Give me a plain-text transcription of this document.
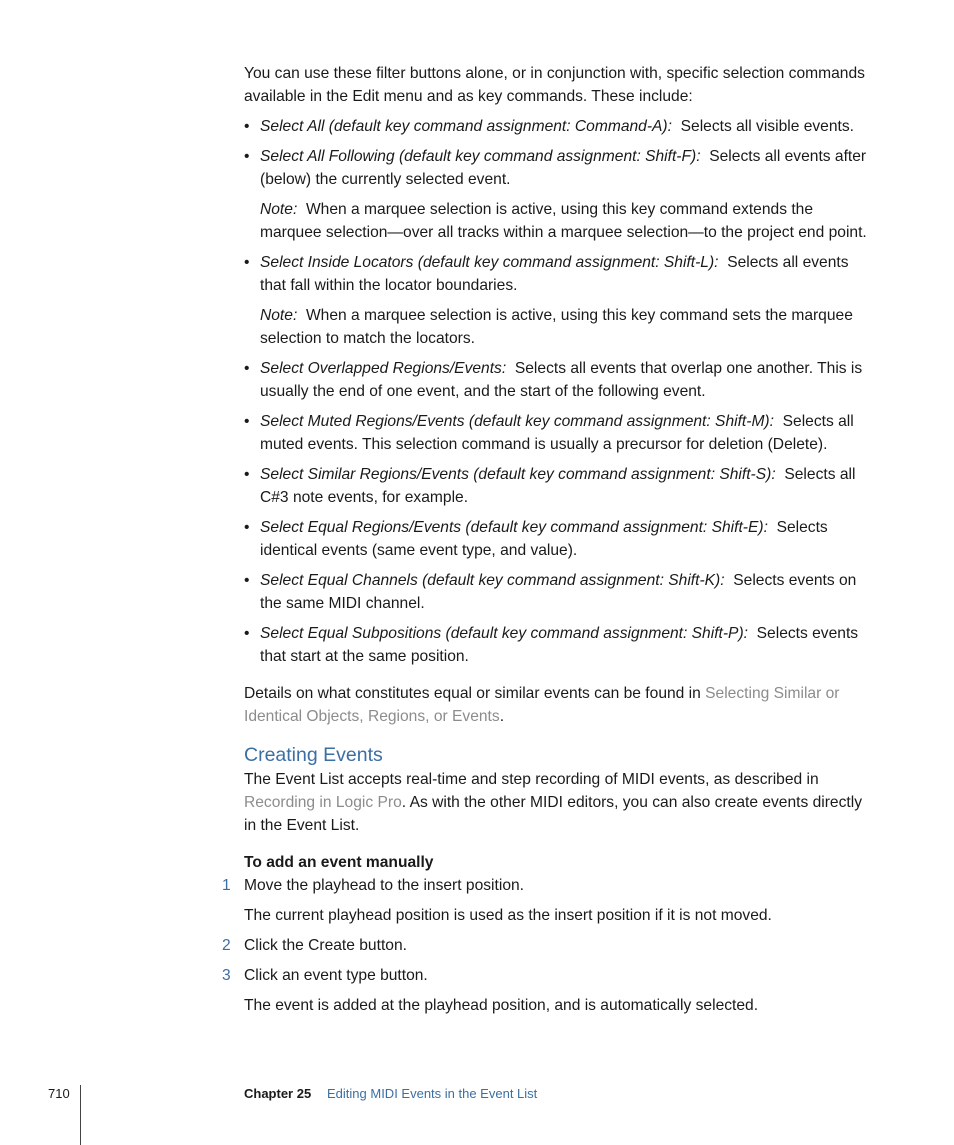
You can use these filter buttons alone, or in conjunction with, specific selection commands available in the Edit menu and as key commands. These include:

• Select All (default key command assignment: Command-A): Selects all visible events.
• Select All Following (default key command assignment: Shift-F): Selects all events after (below) the currently selected event.
Note: When a marquee selection is active, using this key command extends the marquee selection—over all tracks within a marquee selection—to the project end point.
• Select Inside Locators (default key command assignment: Shift-L): Selects all events that fall within the locator boundaries.
Note: When a marquee selection is active, using this key command sets the marquee selection to match the locators.
• Select Overlapped Regions/Events: Selects all events that overlap one another. This is usually the end of one event, and the start of the following event.
• Select Muted Regions/Events (default key command assignment: Shift-M): Selects all muted events. This selection command is usually a precursor for deletion (Delete).
• Select Similar Regions/Events (default key command assignment: Shift-S): Selects all C#3 note events, for example.
• Select Equal Regions/Events (default key command assignment: Shift-E): Selects identical events (same event type, and value).
• Select Equal Channels (default key command assignment: Shift-K): Selects events on the same MIDI channel.
• Select Equal Subpositions (default key command assignment: Shift-P): Selects events that start at the same position.

Details on what constitutes equal or similar events can be found in Selecting Similar or Identical Objects, Regions, or Events.

Creating Events

The Event List accepts real-time and step recording of MIDI events, as described in Recording in Logic Pro. As with the other MIDI editors, you can also create events directly in the Event List.

To add an event manually

1 Move the playhead to the insert position.
The current playhead position is used as the insert position if it is not moved.
2 Click the Create button.
3 Click an event type button.
The event is added at the playhead position, and is automatically selected.
710	Chapter 25 Editing MIDI Events in the Event List
